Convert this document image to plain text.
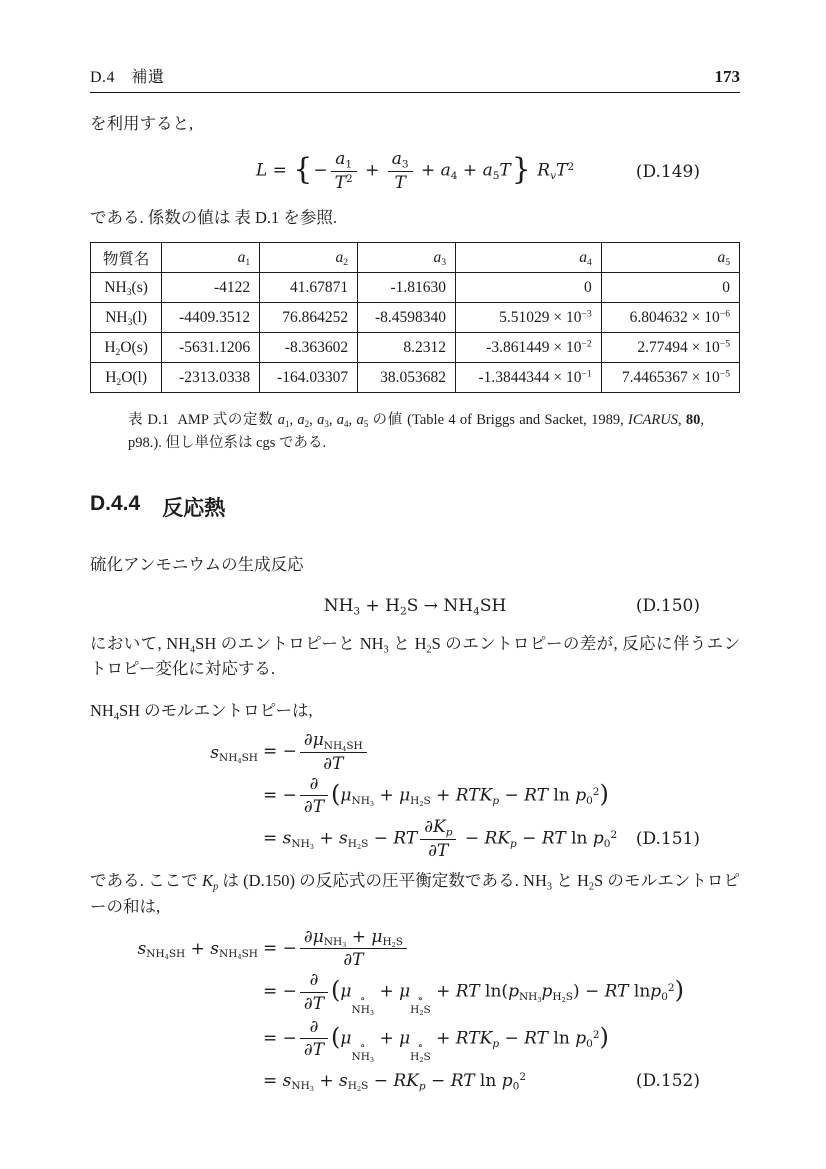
D.4　補遺	173

を利用すると,

L = {− $\frac{a_1}{T^2} + \frac{a_3}{T} + a_4 + a_5T$} $R_vT^2$	(D.149)

である. 係数の値は 表 D.1 を参照.

物質名	$a_1$	$a_2$	$a_3$	$a_4$	$a_5$
$NH_3(s)$	-4122	41.67871	-1.81630	0	0
$NH_3(l)$	-4409.3512	76.864252	-8.4598340	$5.51029 \times 10^{-3}$	$6.804632 \times 10^{-6}$
$H_2O(s)$	-5631.1206	-8.363602	8.2312	$-3.861449 \times 10^{-2}$	$2.77494 \times 10^{-5}$
$H_2O(l)$	-2313.0338	-164.03307	38.053682	$-1.3844344 \times 10^{-1}$	$7.4465367 \times 10^{-5}$

表 D.1  AMP 式の定数 $a_1$, $a_2$, $a_3$, $a_4$, $a_5$ の値 (Table 4 of Briggs and Sacket, 1989, ICARUS, 80, p98.). 但し単位系は cgs である.

D.4.4 反応熱

硫化アンモニウムの生成反応

$NH_3 + H_2S \to NH_4SH$	(D.150)

において, $NH_4SH$ のエントロピーと $NH_3$ と $H_2S$ のエントロピーの差が, 反応に伴うエントロピー変化に対応する.

$NH_4SH$ のモルエントロピーは,

$s_{NH_4SH}$ = −
$\partial\mu_{NH_4SH}$
∂T
= −
∂
∂T ($\mu_{NH_3} + \mu_{H_2S} + RTK_p$ − RT $\ln p_0^2$)
= $s_{NH_3} + s_{H_2S}$ − RT $\frac{\partial K_p}{\partial T} - RK_p$ − RT $\ln p_0^2$ (D.151)

である. ここで $K_p$ は (D.150) の反応式の圧平衡定数である. $NH_3$ と $H_2S$ のモルエントロピーの和は,

$s_{NH_4SH} + s_{NH_4SH}$ = −
$\partial\mu_{NH_3} + \mu_{H_2S}$
∂T
= −
∂
∂T (μ ∘
$NH_3$
+ μ ∘
$H_2S$
+ RT $\ln(p_{NH_3}p_{H_2S})$ − RT lnp$_0^2$)
= −
∂
∂T (μ ∘
$NH_3$
+ μ ∘
$H_2S$
+ $RTK_p$ − RT $\ln p_0^2$)
= $s_{NH_3} + s_{H_2S} - RK_p$ − RT $\ln p_0^2$	(D.152)
